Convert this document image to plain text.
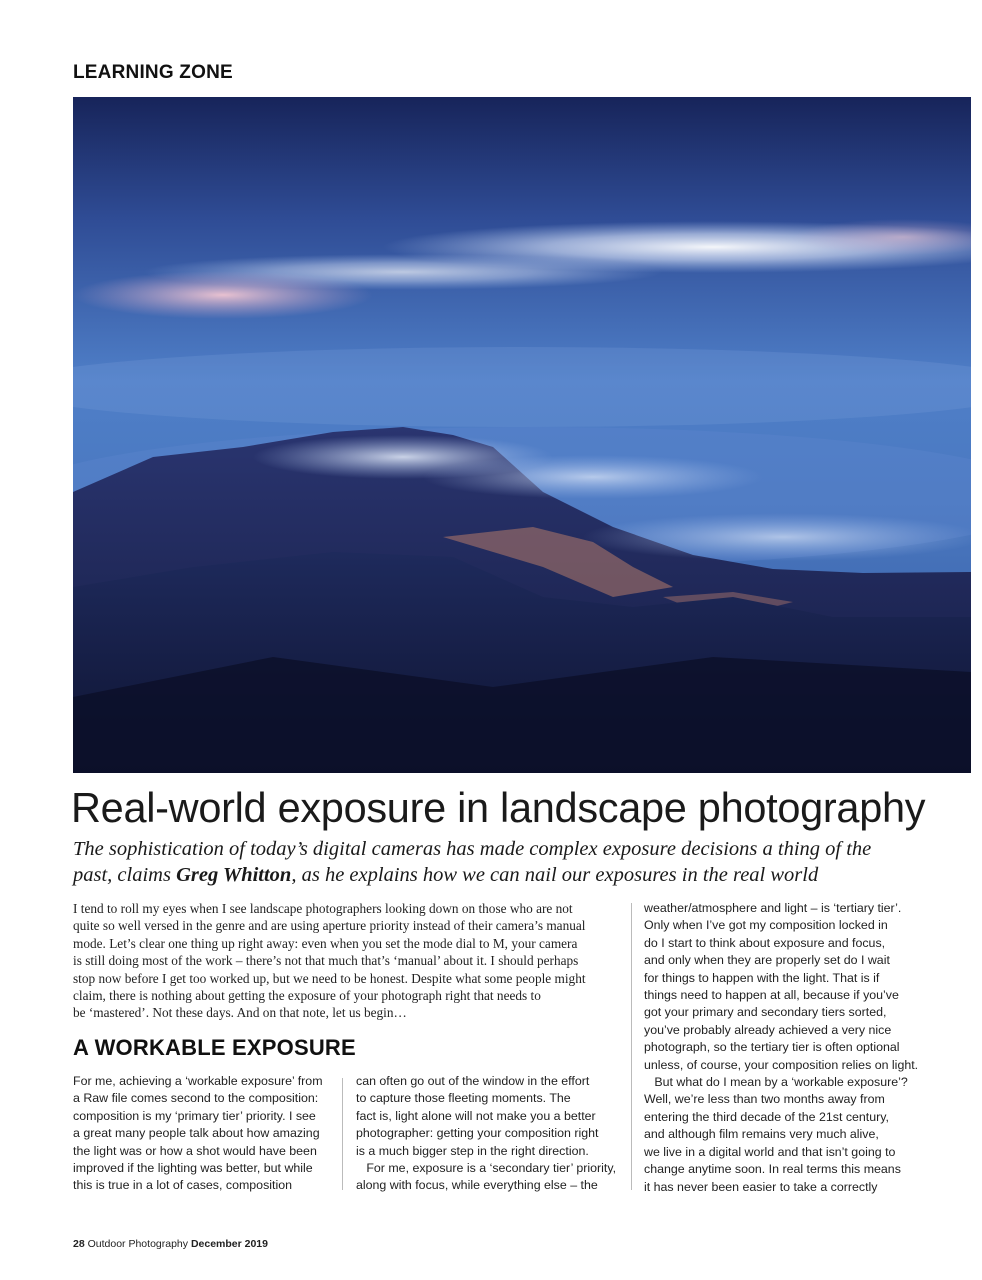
LEARNING ZONE
Real-world exposure in landscape photography
The sophistication of today’s digital cameras has made complex exposure decisions a thing of the past, claims Greg Whitton, as he explains how we can nail our exposures in the real world

I tend to roll my eyes when I see landscape photographers looking down on those who are not

quite so well versed in the genre and are using aperture priority instead of their camera’s manual

mode. Let’s clear one thing up right away: even when you set the mode dial to M, your camera

is still doing most of the work – there’s not that much that’s ‘manual’ about it. I should perhaps

stop now before I get too worked up, but we need to be honest. Despite what some people might

claim, there is nothing about getting the exposure of your photograph right that needs to

be ‘mastered’. Not these days. And on that note, let us begin…

A WORKABLE EXPOSURE

For me, achieving a ‘workable exposure’ from

a Raw file comes second to the composition:

composition is my ‘primary tier’ priority. I see

a great many people talk about how amazing

the light was or how a shot would have been

improved if the lighting was better, but while

this is true in a lot of cases, composition

can often go out of the window in the effort

to capture those fleeting moments. The

fact is, light alone will not make you a better

photographer: getting your composition right

is a much bigger step in the right direction.

For me, exposure is a ‘secondary tier’ priority,

along with focus, while everything else – the

weather/atmosphere and light – is ‘tertiary tier’.

Only when I’ve got my composition locked in

do I start to think about exposure and focus,

and only when they are properly set do I wait

for things to happen with the light. That is if

things need to happen at all, because if you’ve

got your primary and secondary tiers sorted,

you’ve probably already achieved a very nice

photograph, so the tertiary tier is often optional

unless, of course, your composition relies on light.

But what do I mean by a ‘workable exposure’?

Well, we’re less than two months away from

entering the third decade of the 21st century,

and although film remains very much alive,

we live in a digital world and that isn’t going to

change anytime soon. In real terms this means

it has never been easier to take a correctly

28 Outdoor Photography December 2019
